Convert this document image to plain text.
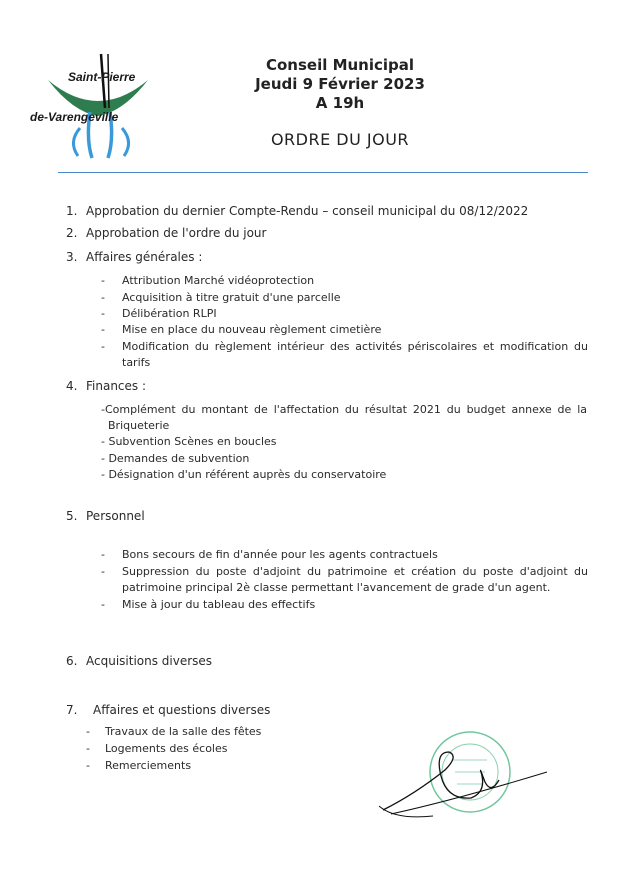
Saint-Pierre
de-Varengeville
Conseil Municipal
Jeudi 9 Février 2023
A 19h
ORDRE DU JOUR
1. Approbation du dernier Compte-Rendu – conseil municipal du 08/12/2022
2. Approbation de l'ordre du jour
3. Affaires générales :
- Attribution Marché vidéoprotection
- Acquisition à titre gratuit d'une parcelle
- Délibération RLPI
- Mise en place du nouveau règlement cimetière
- Modification du règlement intérieur des activités périscolaires et modification du
tarifs
4. Finances :
-Complément du montant de l'affectation du résultat 2021 du budget annexe de la
Briqueterie
- Subvention Scènes en boucles
- Demandes de subvention
- Désignation d'un référent auprès du conservatoire
5. Personnel
- Bons secours de fin d'année pour les agents contractuels
- Suppression du poste d'adjoint du patrimoine et création du poste d'adjoint du
patrimoine principal 2è classe permettant l'avancement de grade d'un agent.
- Mise à jour du tableau des effectifs
6. Acquisitions diverses
7. Affaires et questions diverses
- Travaux de la salle des fêtes
- Logements des écoles
- Remerciements
